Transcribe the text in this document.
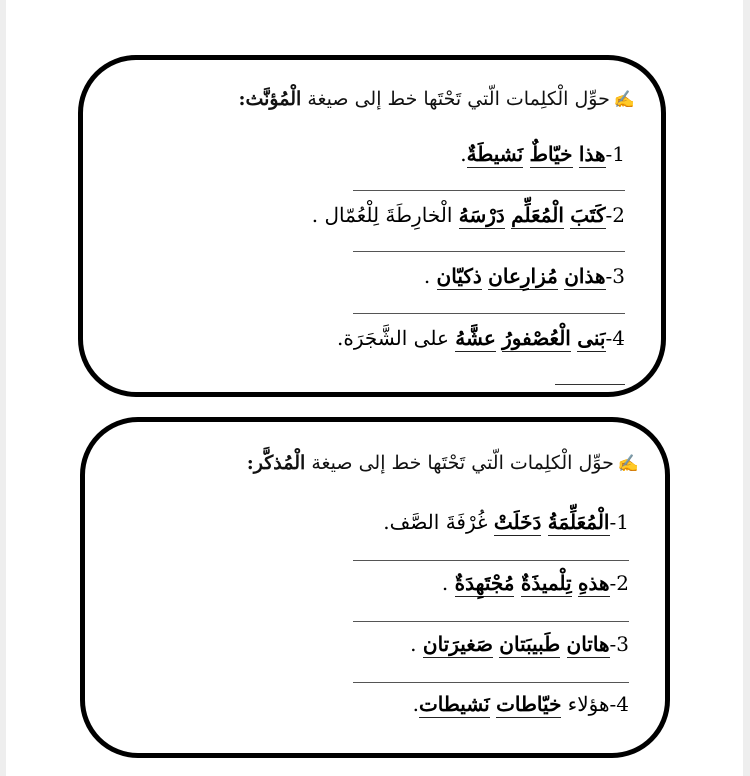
✍حوِّل الْكلِمات الّتي تَحْتَها خط إلى صيغة الْمُؤنَّث:
1-هذا خيّاطٌ نَشيطَةٌ.
2-كَتَبَ الْمُعَلِّم دَرْسَهُ الْخارِطَةَ لِلْعُمّال .
3-هذان مُزارِعان ذكيّان .
4-بَنى الْعُصْفورُ عشَّهُ على الشَّجَرَة.
✍حوِّل الْكلِمات الّتي تَحْتَها خط إلى صيغة الْمُذكَّر:
1-الْمُعَلِّمَةُ دَخَلَتْ غُرْفَةَ الصَّف.
2-هذهِ تِلْميذَةٌ مُجْتَهِدَةٌ .
3-هاتان طَبيبَتان صَغيرَتان .
4-هؤلاء خيّاطات نَشيطات.
